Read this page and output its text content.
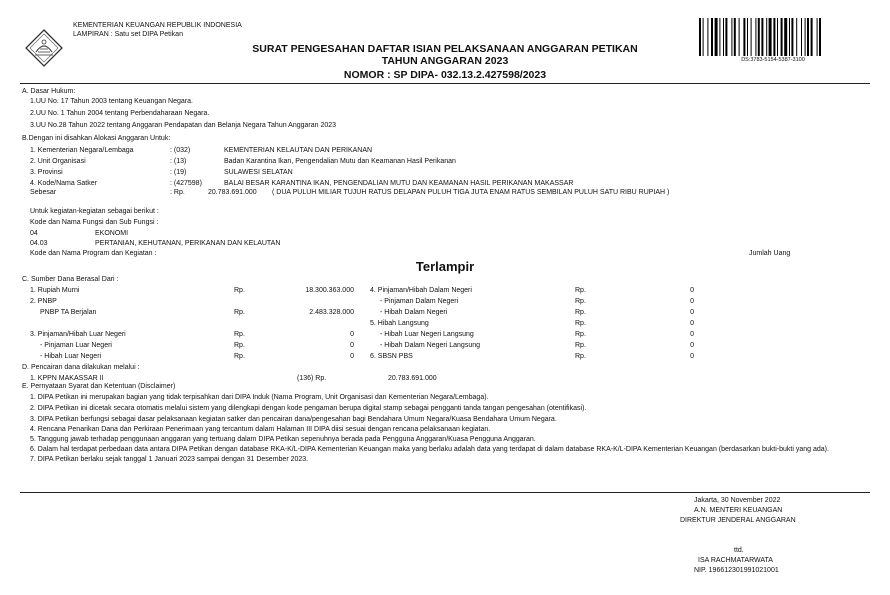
KEMENTERIAN KEUANGAN REPUBLIK INDONESIA
LAMPIRAN : Satu set DIPA Petikan
SURAT PENGESAHAN DAFTAR ISIAN PELAKSANAAN ANGGARAN PETIKAN
TAHUN ANGGARAN 2023
NOMOR : SP DIPA- 032.13.2.427598/2023
DS:3783-5154-5387-3100
A. Dasar Hukum:
1.UU No. 17 Tahun 2003 tentang Keuangan Negara.
2.UU No. 1 Tahun 2004 tentang Perbendaharaan Negara.
3.UU No.28 Tahun 2022 tentang Anggaran Pendapatan dan Belanja Negara Tahun Anggaran 2023
B.Dengan ini disahkan Alokasi Anggaran Untuk:
1. Kementerian Negara/Lembaga	: (032)	KEMENTERIAN KELAUTAN DAN PERIKANAN
2. Unit Organisasi	: (13)	Badan Karantina Ikan, Pengendalian Mutu dan Keamanan Hasil Perikanan
3. Provinsi	: (19)	SULAWESI SELATAN
4. Kode/Nama Satker	: (427598)	BALAI BESAR KARANTINA IKAN, PENGENDALIAN MUTU DAN KEAMANAN HASIL PERIKANAN MAKASSAR
Sebesar	: Rp.	20.783.691.000 ( DUA PULUH MILIAR TUJUH RATUS DELAPAN PULUH TIGA JUTA ENAM RATUS SEMBILAN PULUH SATU RIBU RUPIAH )
Untuk kegiatan-kegiatan sebagai berikut :
Kode dan Nama Fungsi dan Sub Fungsi :
04	EKONOMI
04.03	PERTANIAN, KEHUTANAN, PERIKANAN DAN KELAUTAN
Kode dan Nama Program dan Kegiatan :	Jumlah Uang
Terlampir
C. Sumber Dana Berasal Dari :
1. Rupiah Murni	Rp.	18.300.363.000
2. PNBP
PNBP TA Berjalan	Rp.	2.483.328.000
3. Pinjaman/Hibah Luar Negeri	Rp.	0
- Pinjaman Luar Negeri	Rp.	0
- Hibah Luar Negeri	Rp.	0
4. Pinjaman/Hibah Dalam Negeri	Rp.	0
- Pinjaman Dalam Negeri	Rp.	0
- Hibah Dalam Negeri	Rp.	0
5. Hibah Langsung	Rp.	0
- Hibah Luar Negeri Langsung	Rp.	0
- Hibah Dalam Negeri Langsung	Rp.	0
6. SBSN PBS	Rp.	0
D. Pencairan dana dilakukan melalui :
1. KPPN MAKASSAR II	(136) Rp.	20.783.691.000
E. Pernyataan Syarat dan Ketentuan (Disclaimer)
1. DIPA Petikan ini merupakan bagian yang tidak terpisahkan dari DIPA Induk (Nama Program, Unit Organisasi dan Kementerian Negara/Lembaga).
2. DIPA Petikan ini dicetak secara otomatis melalui sistem yang dilengkapi dengan kode pengaman berupa digital stamp sebagai pengganti tanda tangan pengesahan (otentifikasi).
3. DIPA Petikan berfungsi sebagai dasar pelaksanaan kegiatan satker dan pencairan dana/pengesahan bagi Bendahara Umum Negara/Kuasa Bendahara Umum Negara.
4. Rencana Penarikan Dana dan Perkiraan Penerimaan yang tercantum dalam Halaman III DIPA diisi sesuai dengan rencana pelaksanaan kegiatan.
5. Tanggung jawab terhadap penggunaan anggaran yang tertuang dalam DIPA Petikan sepenuhnya berada pada Pengguna Anggaran/Kuasa Pengguna Anggaran.
6. Dalam hal terdapat perbedaan data antara DIPA Petikan dengan database RKA-K/L-DIPA Kementerian Keuangan maka yang berlaku adalah data yang terdapat di dalam database RKA-K/L-DIPA Kementerian Keuangan (berdasarkan bukti-bukti yang ada).
7. DIPA Petikan berlaku sejak tanggal 1 Januari 2023 sampai dengan 31 Desember 2023.
Jakarta, 30 November 2022
A.N. MENTERI KEUANGAN
DIREKTUR JENDERAL ANGGARAN
ttd.
ISA RACHMATARWATA
NIP. 196612301991021001
